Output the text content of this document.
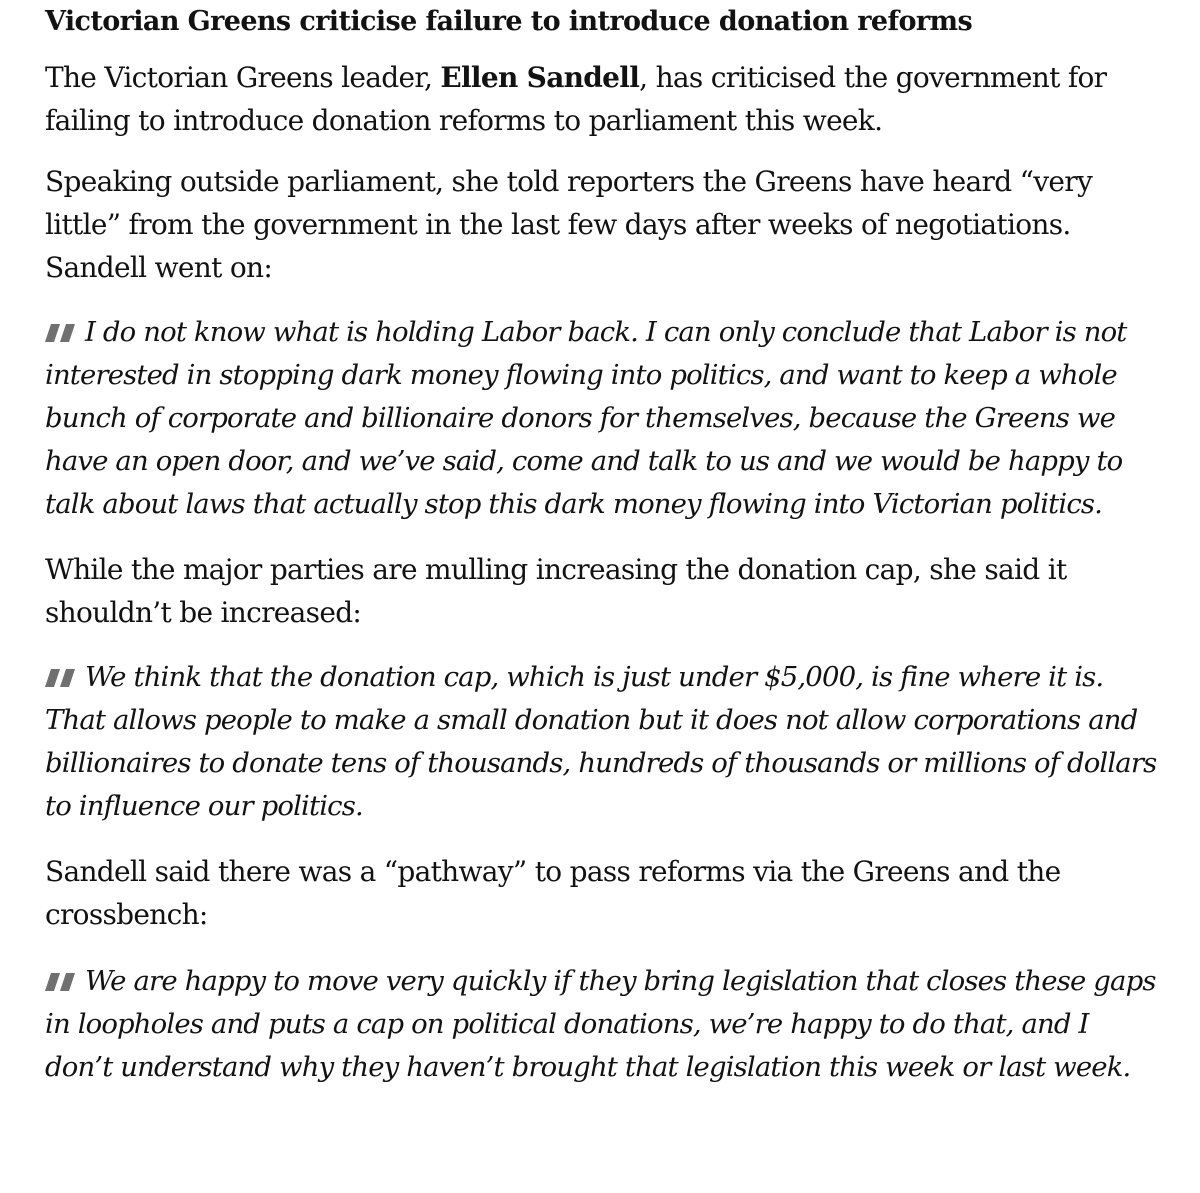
Victorian Greens criticise failure to introduce donation reforms

The Victorian Greens leader, Ellen Sandell, has criticised the government for failing to introduce donation reforms to parliament this week.

Speaking outside parliament, she told reporters the Greens have heard “very little” from the government in the last few days after weeks of negotiations. Sandell went on:

I do not know what is holding Labor back. I can only conclude that Labor is not interested in stopping dark money flowing into politics, and want to keep a whole bunch of corporate and billionaire donors for themselves, because the Greens we have an open door, and we’ve said, come and talk to us and we would be happy to talk about laws that actually stop this dark money flowing into Victorian politics.

While the major parties are mulling increasing the donation cap, she said it shouldn’t be increased:

We think that the donation cap, which is just under $5,000, is fine where it is. That allows people to make a small donation but it does not allow corporations and billionaires to donate tens of thousands, hundreds of thousands or millions of dollars to influence our politics.

Sandell said there was a “pathway” to pass reforms via the Greens and the crossbench:

We are happy to move very quickly if they bring legislation that closes these gaps in loopholes and puts a cap on political donations, we’re happy to do that, and I don’t understand why they haven’t brought that legislation this week or last week.
